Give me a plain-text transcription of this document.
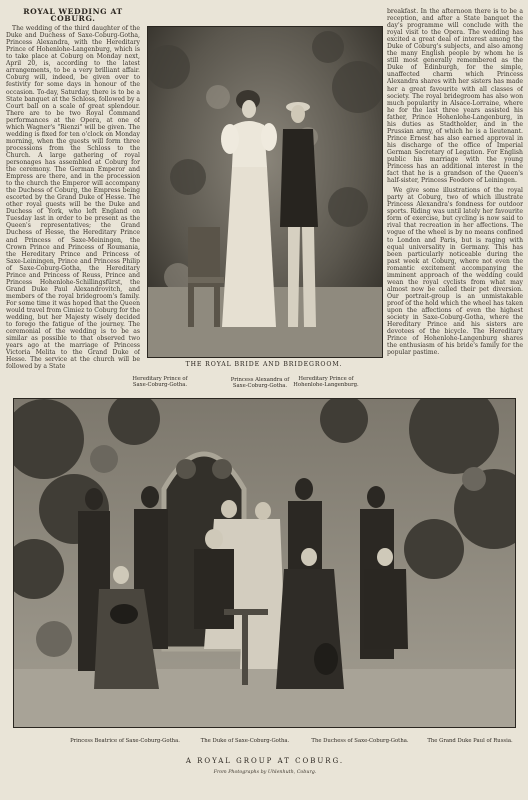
ROYAL WEDDING AT COBURG.

The wedding of the third daughter of the Duke and Duchess of Saxe-Coburg-Gotha, Princess Alexandra, with the Hereditary Prince of Hohenlohe-Langenburg, which is to take place at Coburg on Monday next, April 20, is, according to the latest arrangements, to be a very brilliant affair. Coburg will, indeed, be given over to festivity for some days in honour of the occasion. To-day, Saturday, there is to be a State banquet at the Schloss, followed by a Court ball on a scale of great splendour. There are to be two Royal Command performances at the Opera, at one of which Wagner's "Rienzi" will be given. The wedding is fixed for ten o'clock on Monday morning, when the guests will form three processions from the Schloss to the Church. A large gathering of royal personages has assembled at Coburg for the ceremony. The German Emperor and Empress are there, and in the procession to the church the Emperor will accompany the Duchess of Coburg, the Empress being escorted by the Grand Duke of Hesse. The other royal guests will be the Duke and Duchess of York, who left England on Tuesday last in order to be present as the Queen's representatives; the Grand Duchess of Hesse, the Hereditary Prince and Princess of Saxe-Meiningen, the Crown Prince and Princess of Roumania, the Hereditary Prince and Princess of Saxe-Leiningen, Prince and Princess Philip of Saxe-Coburg-Gotha, the Hereditary Prince and Princess of Reuss, Prince and Princess Hohenlohe-Schillingsfürst, the Grand Duke Paul Alexandrovitch, and members of the royal bridegroom's family. For some time it was hoped that the Queen would travel from Cimiez to Coburg for the wedding, but her Majesty wisely decided to forego the fatigue of the journey. The ceremonial of the wedding is to be as similar as possible to that observed two years ago at the marriage of Princess Victoria Melita to the Grand Duke of Hesse. The service at the church will be followed by a State	THE ROYAL BRIDE AND BRIDEGROOM.

breakfast. In the afternoon there is to be a reception, and after a State banquet the day's programme will conclude with the royal visit to the Opera. The wedding has excited a great deal of interest among the Duke of Coburg's subjects, and also among the many English people by whom he is still most generally remembered as the Duke of Edinburgh, for the simple, unaffected charm which Princess Alexandra shares with her sisters has made her a great favourite with all classes of society. The royal bridegroom has also won much popularity in Alsace-Lorraine, where he for the last three years assisted his father, Prince Hohenlohe-Langenburg, in his duties as Stadtholder, and in the Prussian army, of which he is a lieutenant. Prince Ernest has also earned approval in his discharge of the office of Imperial German Secretary of Legation. For English public his marriage with the young Princess has an additional interest in the fact that he is a grandson of the Queen's half-sister, Princess Feodore of Leiningen.

We give some illustrations of the royal party at Coburg, two of which illustrate Princess Alexandra's fondness for outdoor sports. Riding was until lately her favourite form of exercise, but cycling is now said to rival that recreation in her affections. The vogue of the wheel is by no means confined to London and Paris, but is raging with equal universality in Germany. This has been particularly noticeable during the past week at Coburg, where not even the romantic excitement accompanying the imminent approach of the wedding could wean the royal cyclists from what may almost now be called their pet diversion. Our portrait-group is an unmistakable proof of the hold which the wheel has taken upon the affections of even the highest society in Saxe-Coburg-Gotha, where the Hereditary Prince and his sisters are devotees of the bicycle. The Hereditary Prince of Hohenlohe-Langenburg shares the enthusiasm of his bride's family for the popular pastime.

Hereditary Prince of Saxe-Coburg-Gotha.
Princess Alexandra of Saxe-Coburg-Gotha.
Hereditary Prince of Hohenlohe-Langenburg.
Princess Beatrice of Saxe-Coburg-Gotha.	The Duke of Saxe-Coburg-Gotha.	The Duchess of Saxe-Coburg-Gotha.	The Grand Duke Paul of Russia.
A ROYAL GROUP AT COBURG.
From Photographs by Uhlenhuth, Coburg.
